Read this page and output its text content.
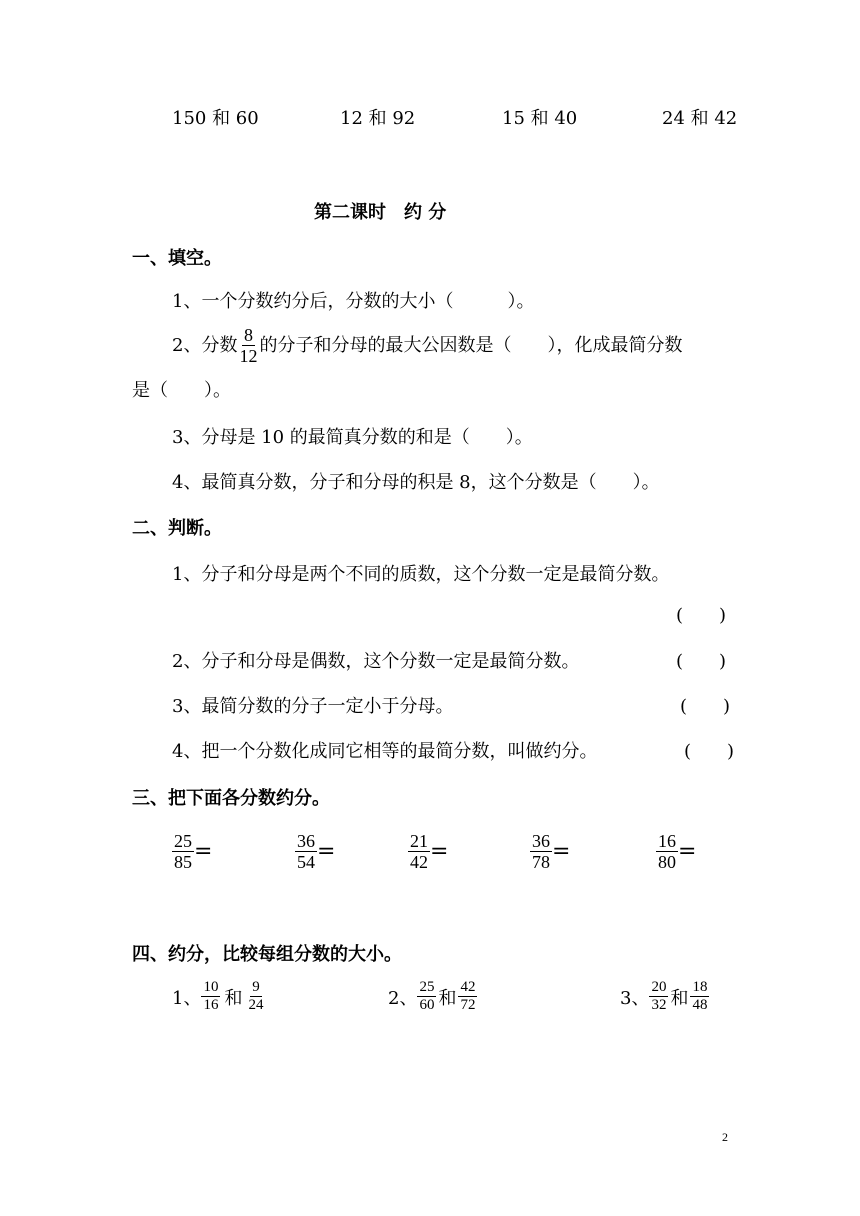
150 和 60	12 和 92	15 和 40	24 和 42
第二课时　约 分
一、填空。
1、一个分数约分后，分数的大小（　　　）。
2、分数 $\frac{8}{12}$ 的分子和分母的最大公因数是（　　），化成最简分数
是（　　）。
3、分母是 10 的最简真分数的和是（　　）。
4、最简真分数，分子和分母的积是 8，这个分数是（　　）。
二、判断。
1、分子和分母是两个不同的质数，这个分数一定是最简分数。
(　　)
2、分子和分母是偶数，这个分数一定是最简分数。	(　　)
3、最简分数的分子一定小于分母。	(　　)
4、把一个分数化成同它相等的最简分数，叫做约分。	(　　)
三、把下面各分数约分。
$\frac{25}{85}$ =	$\frac{36}{54}$ =	$\frac{21}{42}$ =	$\frac{36}{78}$ =	$\frac{16}{80}$ =
四、约分，比较每组分数的大小。
1、 $\frac{10}{16}$ 和 $\frac{9}{24}$	2、 $\frac{25}{60}$ 和 $\frac{42}{72}$	3、 $\frac{20}{32}$ 和 $\frac{18}{48}$
2
